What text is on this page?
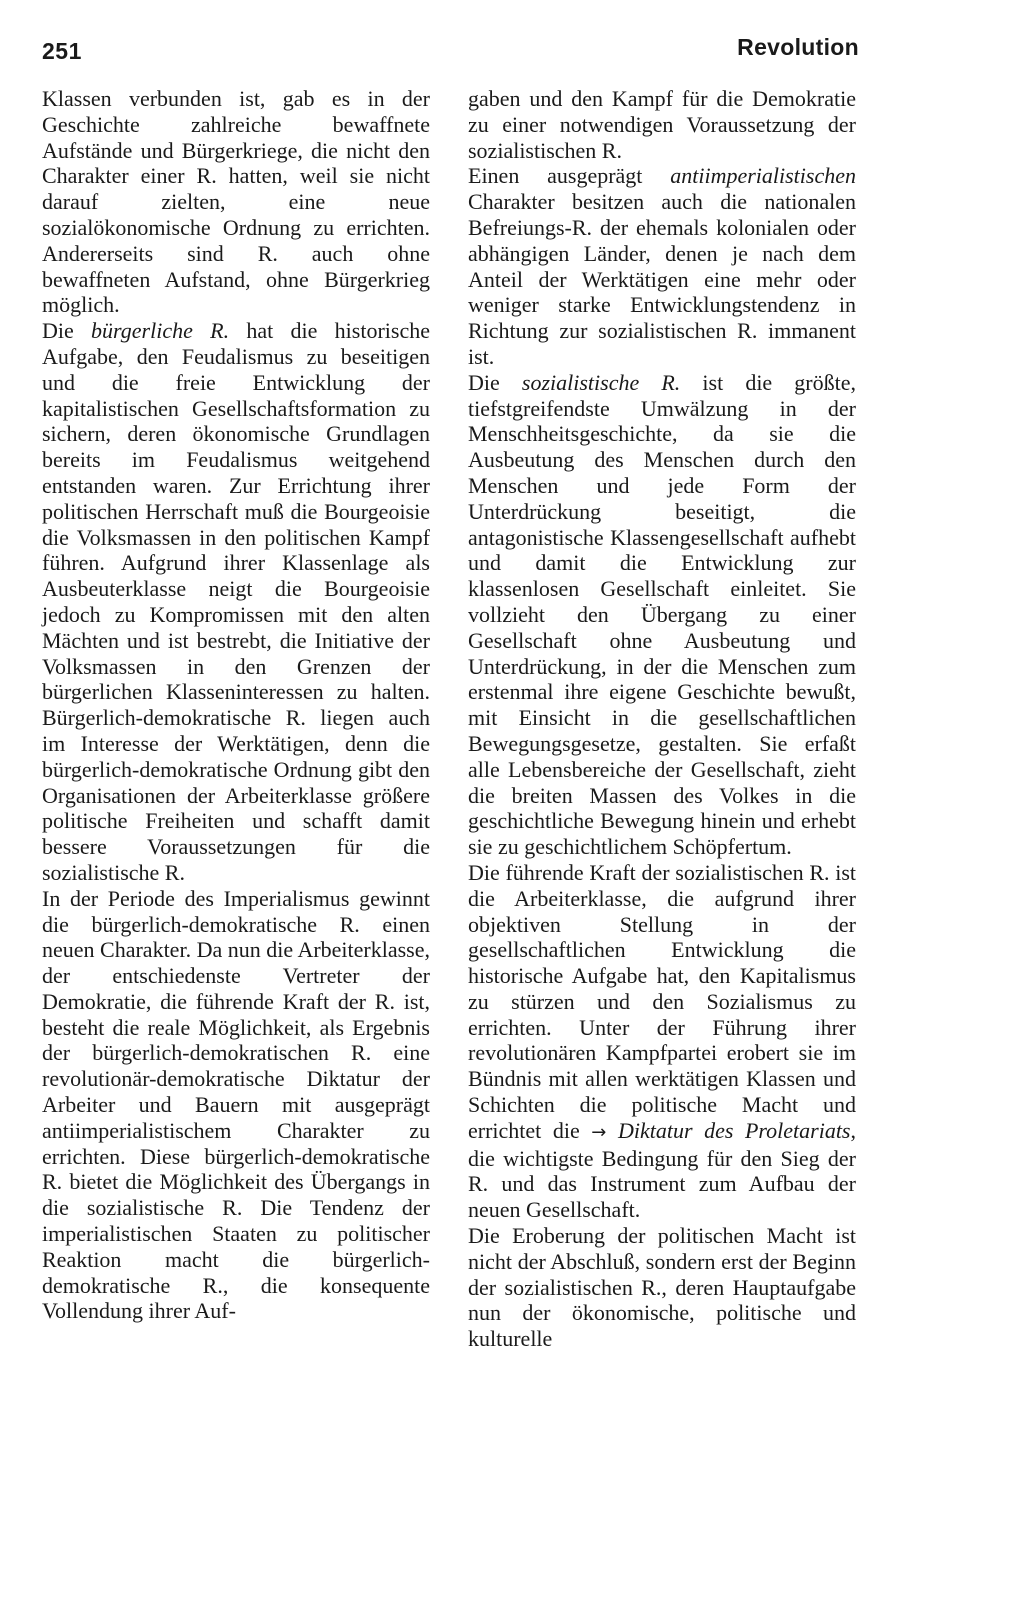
251	Revolution

Klassen verbunden ist, gab es in der Geschichte zahlreiche bewaffnete Aufstände und Bürgerkriege, die nicht den Charakter einer R. hatten, weil sie nicht darauf zielten, eine neue sozialökonomische Ordnung zu errichten. Andererseits sind R. auch ohne bewaffneten Aufstand, ohne Bürgerkrieg möglich.

Die bürgerliche R. hat die historische Aufgabe, den Feudalismus zu beseitigen und die freie Entwicklung der kapitalistischen Gesellschaftsformation zu sichern, deren ökonomische Grundlagen bereits im Feudalismus weitgehend entstanden waren. Zur Errichtung ihrer politischen Herrschaft muß die Bourgeoisie die Volksmassen in den politischen Kampf führen. Aufgrund ihrer Klassenlage als Ausbeuterklasse neigt die Bourgeoisie jedoch zu Kompromissen mit den alten Mächten und ist bestrebt, die Initiative der Volksmassen in den Grenzen der bürgerlichen Klasseninteressen zu halten. Bürgerlich-demokratische R. liegen auch im Interesse der Werktätigen, denn die bürgerlich-demokratische Ordnung gibt den Organisationen der Arbeiterklasse größere politische Freiheiten und schafft damit bessere Voraussetzungen für die sozialistische R.

In der Periode des Imperialismus gewinnt die bürgerlich-demokratische R. einen neuen Charakter. Da nun die Arbeiterklasse, der entschiedenste Vertreter der Demokratie, die führende Kraft der R. ist, besteht die reale Möglichkeit, als Ergebnis der bürgerlich-demokratischen R. eine revolutionär-demokratische Diktatur der Arbeiter und Bauern mit ausgeprägt antiimperialistischem Charakter zu errichten. Diese bürgerlich-demokratische R. bietet die Möglichkeit des Übergangs in die sozialistische R. Die Tendenz der imperialistischen Staaten zu politischer Reaktion macht die bürgerlich-demokratische R., die konsequente Vollendung ihrer Auf-

gaben und den Kampf für die Demokratie zu einer notwendigen Voraussetzung der sozialistischen R.

Einen ausgeprägt antiimperialistischen Charakter besitzen auch die nationalen Befreiungs-R. der ehemals kolonialen oder abhängigen Länder, denen je nach dem Anteil der Werktätigen eine mehr oder weniger starke Entwicklungstendenz in Richtung zur sozialistischen R. immanent ist.

Die sozialistische R. ist die größte, tiefstgreifendste Umwälzung in der Menschheitsgeschichte, da sie die Ausbeutung des Menschen durch den Menschen und jede Form der Unterdrückung beseitigt, die antagonistische Klassengesellschaft aufhebt und damit die Entwicklung zur klassenlosen Gesellschaft einleitet. Sie vollzieht den Übergang zu einer Gesellschaft ohne Ausbeutung und Unterdrückung, in der die Menschen zum erstenmal ihre eigene Geschichte bewußt, mit Einsicht in die gesellschaftlichen Bewegungsgesetze, gestalten. Sie erfaßt alle Lebensbereiche der Gesellschaft, zieht die breiten Massen des Volkes in die geschichtliche Bewegung hinein und erhebt sie zu geschichtlichem Schöpfertum.

Die führende Kraft der sozialistischen R. ist die Arbeiterklasse, die aufgrund ihrer objektiven Stellung in der gesellschaftlichen Entwicklung die historische Aufgabe hat, den Kapitalismus zu stürzen und den Sozialismus zu errichten. Unter der Führung ihrer revolutionären Kampfpartei erobert sie im Bündnis mit allen werktätigen Klassen und Schichten die politische Macht und errichtet die → Diktatur des Proletariats, die wichtigste Bedingung für den Sieg der R. und das Instrument zum Aufbau der neuen Gesellschaft.

Die Eroberung der politischen Macht ist nicht der Abschluß, sondern erst der Beginn der sozialistischen R., deren Hauptaufgabe nun der ökonomische, politische und kulturelle
